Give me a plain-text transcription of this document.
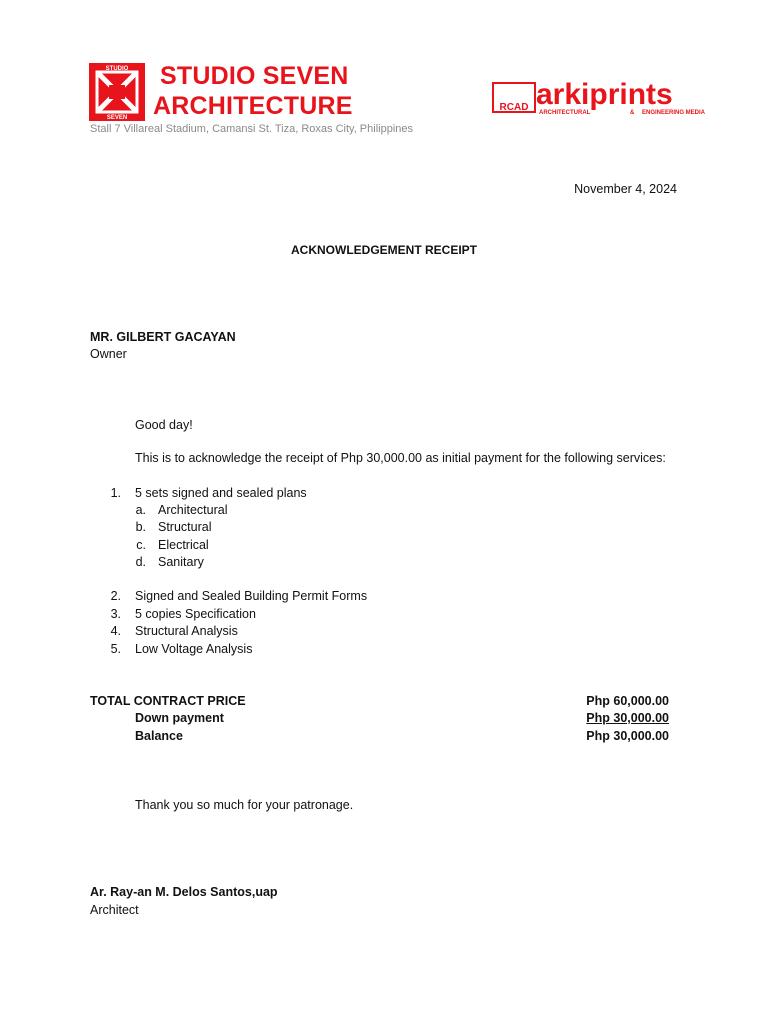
STUDIO
SEVEN
STUDIO SEVEN
ARCHITECTURE
Stall 7 Villareal Stadium, Camansi St. Tiza, Roxas City, Philippines
RCAD arkiprints
ARCHITECTURAL	& ENGINEERING MEDIA
November 4, 2024
ACKNOWLEDGEMENT RECEIPT
MR. GILBERT GACAYAN
Owner
Good day!
This is to acknowledge the receipt of Php 30,000.00 as initial payment for the following services:
1. 5 sets signed and sealed plans
a. Architectural
b. Structural
c. Electrical
d. Sanitary
2. Signed and Sealed Building Permit Forms
3. 5 copies Specification
4. Structural Analysis
5. Low Voltage Analysis
TOTAL CONTRACT PRICE	Php 60,000.00
Down payment	Php 30,000.00
Balance	Php 30,000.00
Thank you so much for your patronage.
Ar. Ray-an M. Delos Santos,uap
Architect
